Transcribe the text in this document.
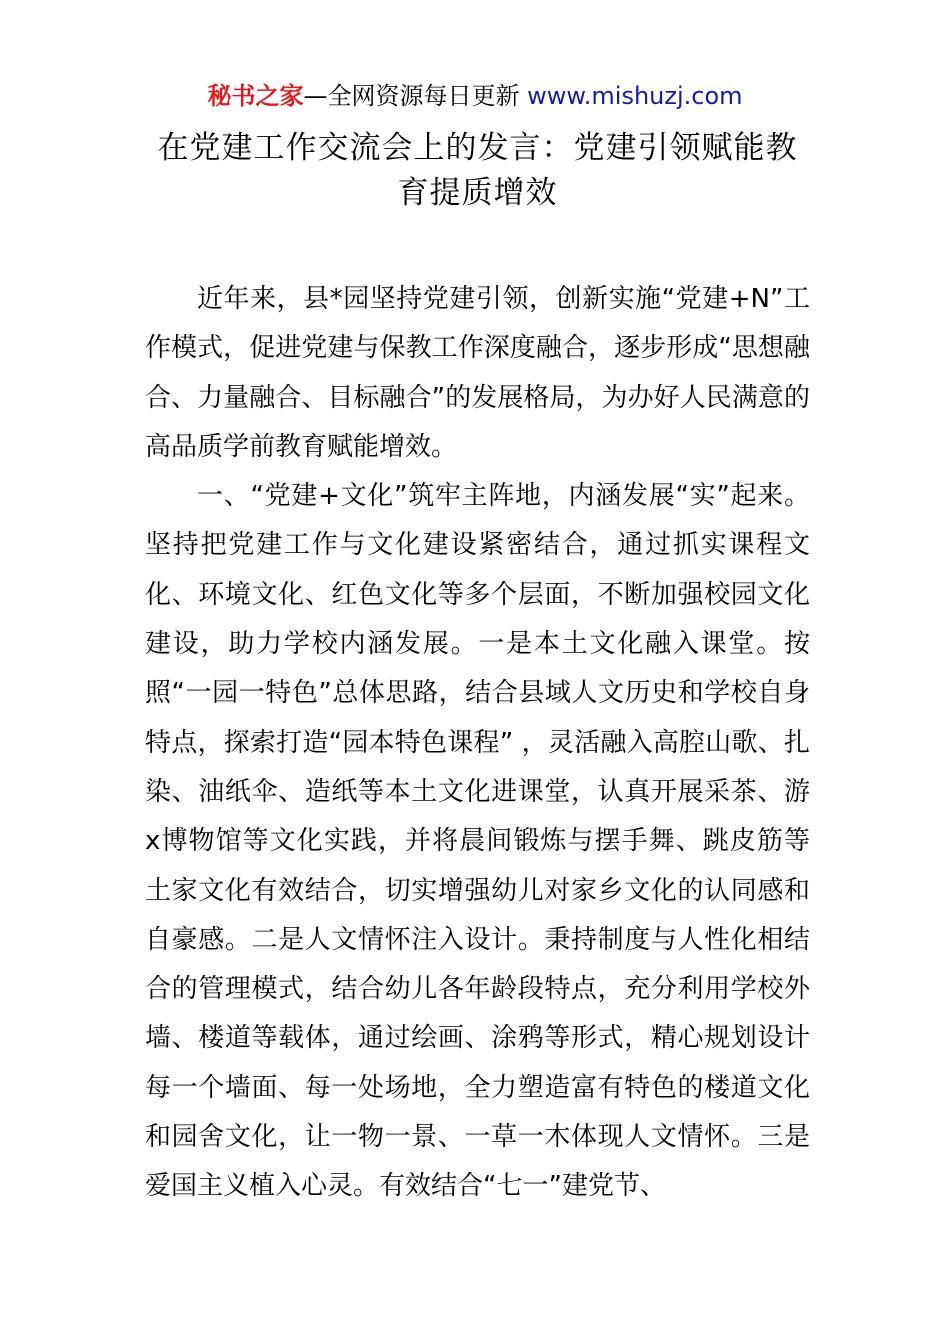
秘书之家—全网资源每日更新 www.mishuzj.com
在党建工作交流会上的发言：党建引领赋能教育提质增效

近年来，县*园坚持党建引领，创新实施“党建+N”工作模式，促进党建与保教工作深度融合，逐步形成“思想融合、力量融合、目标融合”的发展格局，为办好人民满意的高品质学前教育赋能增效。

一、“党建+文化”筑牢主阵地，内涵发展“实”起来。坚持把党建工作与文化建设紧密结合，通过抓实课程文化、环境文化、红色文化等多个层面，不断加强校园文化建设，助力学校内涵发展。一是本土文化融入课堂。按照“一园一特色”总体思路，结合县域人文历史和学校自身特点，探索打造“园本特色课程” ，灵活融入高腔山歌、扎染、油纸伞、造纸等本土文化进课堂，认真开展采茶、游x博物馆等文化实践，并将晨间锻炼与摆手舞、跳皮筋等土家文化有效结合，切实增强幼儿对家乡文化的认同感和自豪感。二是人文情怀注入设计。秉持制度与人性化相结合的管理模式，结合幼儿各年龄段特点，充分利用学校外墙、楼道等载体，通过绘画、涂鸦等形式，精心规划设计每一个墙面、每一处场地，全力塑造富有特色的楼道文化和园舍文化，让一物一景、一草一木体现人文情怀。三是爱国主义植入心灵。有效结合“七一”建党节、
